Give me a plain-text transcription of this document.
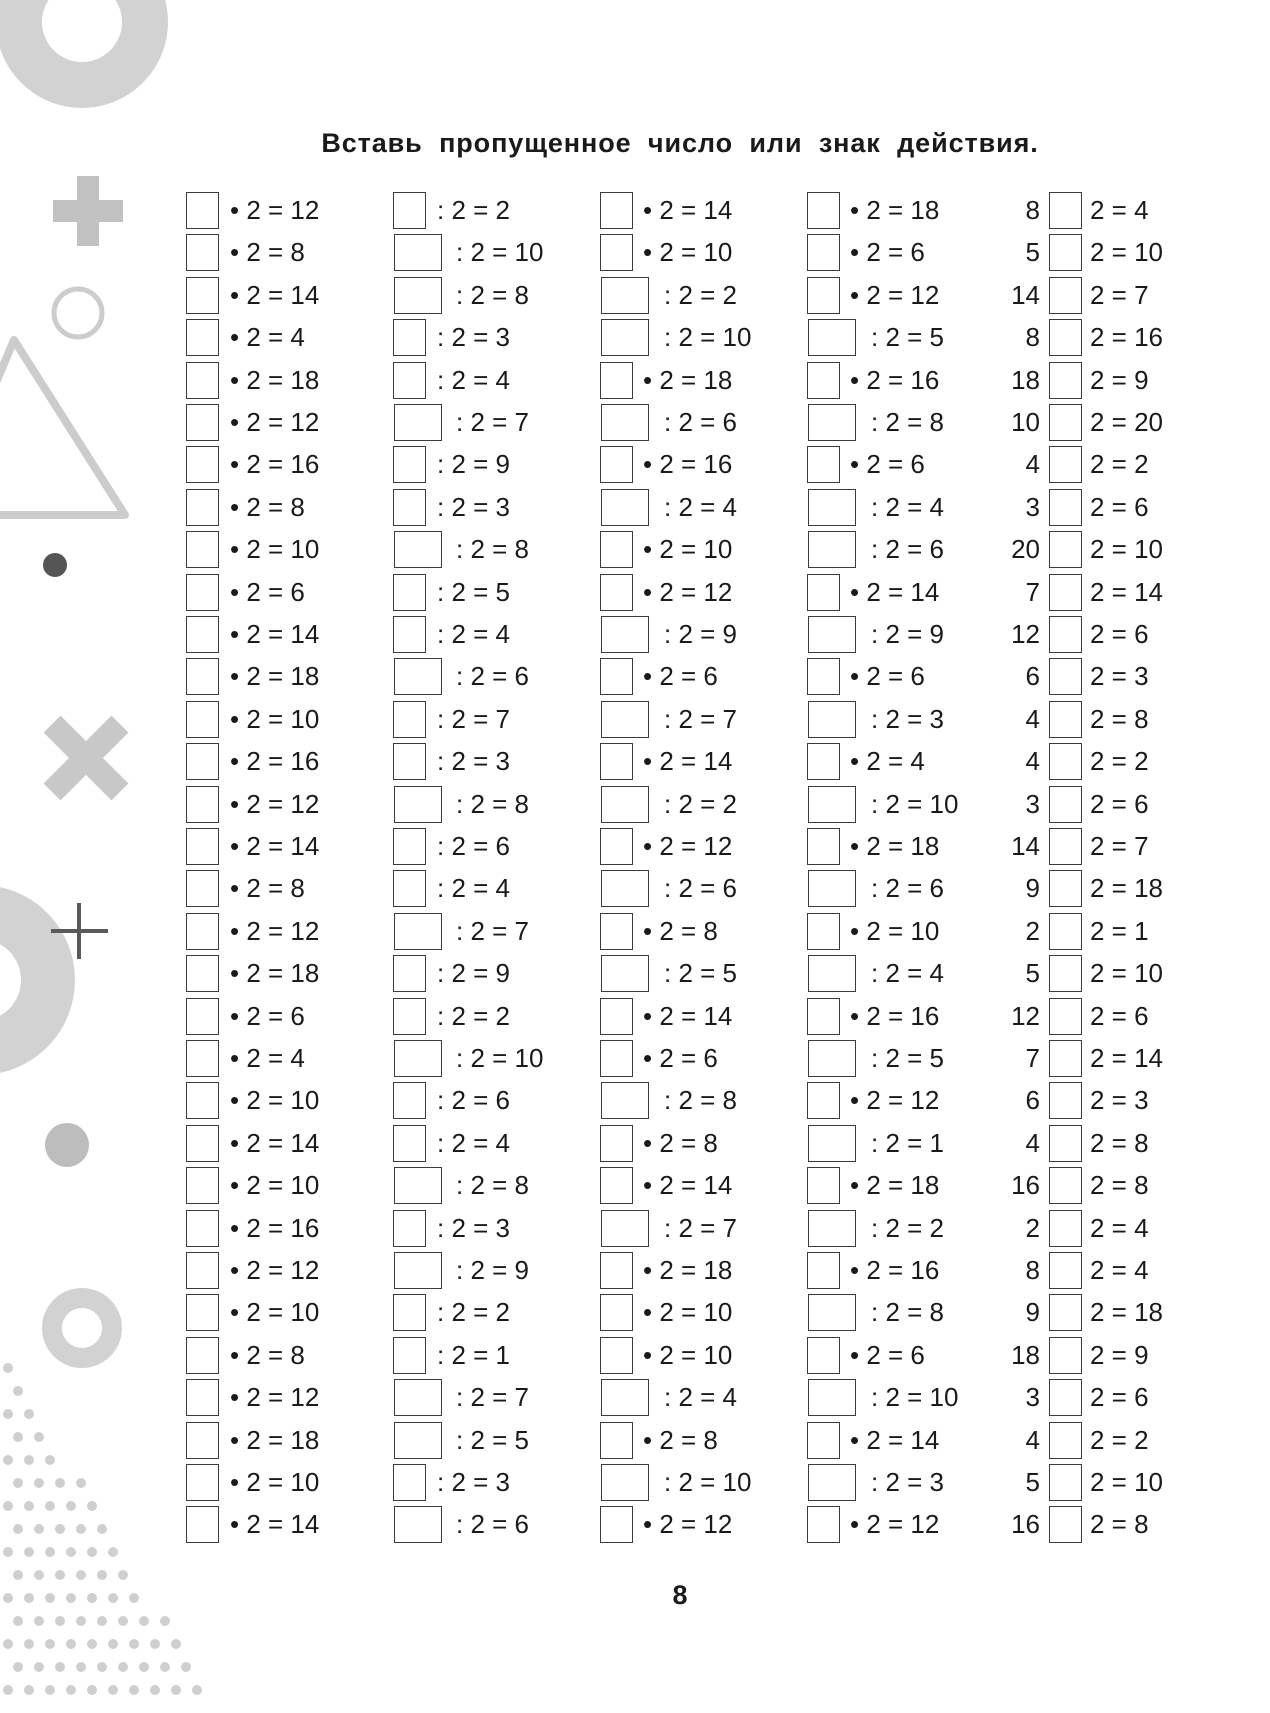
Вставь пропущенное число или знак действия.
• 2 = 12
• 2 = 8
• 2 = 14
• 2 = 4
• 2 = 18
• 2 = 12
• 2 = 16
• 2 = 8
• 2 = 10
• 2 = 6
• 2 = 14
• 2 = 18
• 2 = 10
• 2 = 16
• 2 = 12
• 2 = 14
• 2 = 8
• 2 = 12
• 2 = 18
• 2 = 6
• 2 = 4
• 2 = 10
• 2 = 14
• 2 = 10
• 2 = 16
• 2 = 12
• 2 = 10
• 2 = 8
• 2 = 12
• 2 = 18
• 2 = 10
• 2 = 14
: 2 = 2
: 2 = 10
: 2 = 8
: 2 = 3
: 2 = 4
: 2 = 7
: 2 = 9
: 2 = 3
: 2 = 8
: 2 = 5
: 2 = 4
: 2 = 6
: 2 = 7
: 2 = 3
: 2 = 8
: 2 = 6
: 2 = 4
: 2 = 7
: 2 = 9
: 2 = 2
: 2 = 10
: 2 = 6
: 2 = 4
: 2 = 8
: 2 = 3
: 2 = 9
: 2 = 2
: 2 = 1
: 2 = 7
: 2 = 5
: 2 = 3
: 2 = 6
• 2 = 14
• 2 = 10
: 2 = 2
: 2 = 10
• 2 = 18
: 2 = 6
• 2 = 16
: 2 = 4
• 2 = 10
• 2 = 12
: 2 = 9
• 2 = 6
: 2 = 7
• 2 = 14
: 2 = 2
• 2 = 12
: 2 = 6
• 2 = 8
: 2 = 5
• 2 = 14
• 2 = 6
: 2 = 8
• 2 = 8
• 2 = 14
: 2 = 7
• 2 = 18
• 2 = 10
• 2 = 10
: 2 = 4
• 2 = 8
: 2 = 10
• 2 = 12
• 2 = 18
• 2 = 6
• 2 = 12
: 2 = 5
• 2 = 16
: 2 = 8
• 2 = 6
: 2 = 4
: 2 = 6
• 2 = 14
: 2 = 9
• 2 = 6
: 2 = 3
• 2 = 4
: 2 = 10
• 2 = 18
: 2 = 6
• 2 = 10
: 2 = 4
• 2 = 16
: 2 = 5
• 2 = 12
: 2 = 1
• 2 = 18
: 2 = 2
• 2 = 16
: 2 = 8
• 2 = 6
: 2 = 10
• 2 = 14
: 2 = 3
• 2 = 12
8 2 = 4
5 2 = 10
14 2 = 7
8 2 = 16
18 2 = 9
10 2 = 20
4 2 = 2
3 2 = 6
20 2 = 10
7 2 = 14
12 2 = 6
6 2 = 3
4 2 = 8
4 2 = 2
3 2 = 6
14 2 = 7
9 2 = 18
2 2 = 1
5 2 = 10
12 2 = 6
7 2 = 14
6 2 = 3
4 2 = 8
16 2 = 8
2 2 = 4
8 2 = 4
9 2 = 18
18 2 = 9
3 2 = 6
4 2 = 2
5 2 = 10
16 2 = 8
8
